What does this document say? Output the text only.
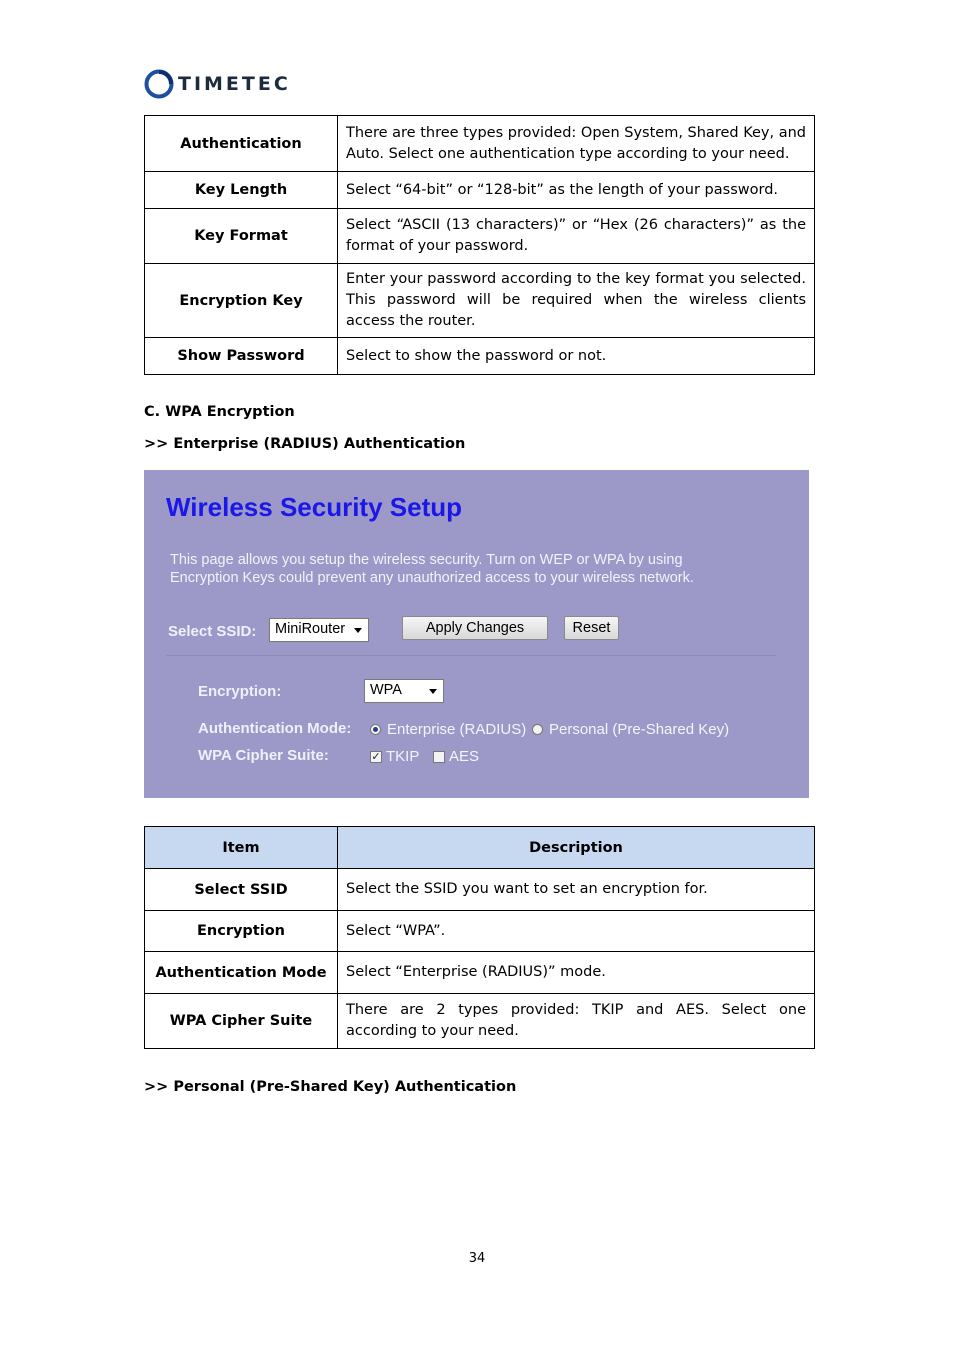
TIMETEC
Authentication	There are three types provided: Open System, Shared Key, and Auto. Select one authentication type according to your need.
Key Length	Select “64-bit” or “128-bit” as the length of your password.
Key Format	Select “ASCII (13 characters)” or “Hex (26 characters)” as the format of your password.
Encryption Key	Enter your password according to the key format you selected. This password will be required when the wireless clients access the router.
Show Password	Select to show the password or not.
C. WPA Encryption
>> Enterprise (RADIUS) Authentication
Wireless Security Setup
This page allows you setup the wireless security. Turn on WEP or WPA by using Encryption Keys could prevent any unauthorized access to your wireless network.
Select SSID:	MiniRouter	Apply Changes	Reset
Encryption:	WPA
Authentication Mode: Enterprise (RADIUS) Personal (Pre-Shared Key)
WPA Cipher Suite:	✓ TKIP AES
Item	Description
Select SSID	Select the SSID you want to set an encryption for.
Encryption	Select “WPA”.
Authentication Mode	Select “Enterprise (RADIUS)” mode.
WPA Cipher Suite	There are 2 types provided: TKIP and AES. Select one according to your need.
>> Personal (Pre-Shared Key) Authentication
34
